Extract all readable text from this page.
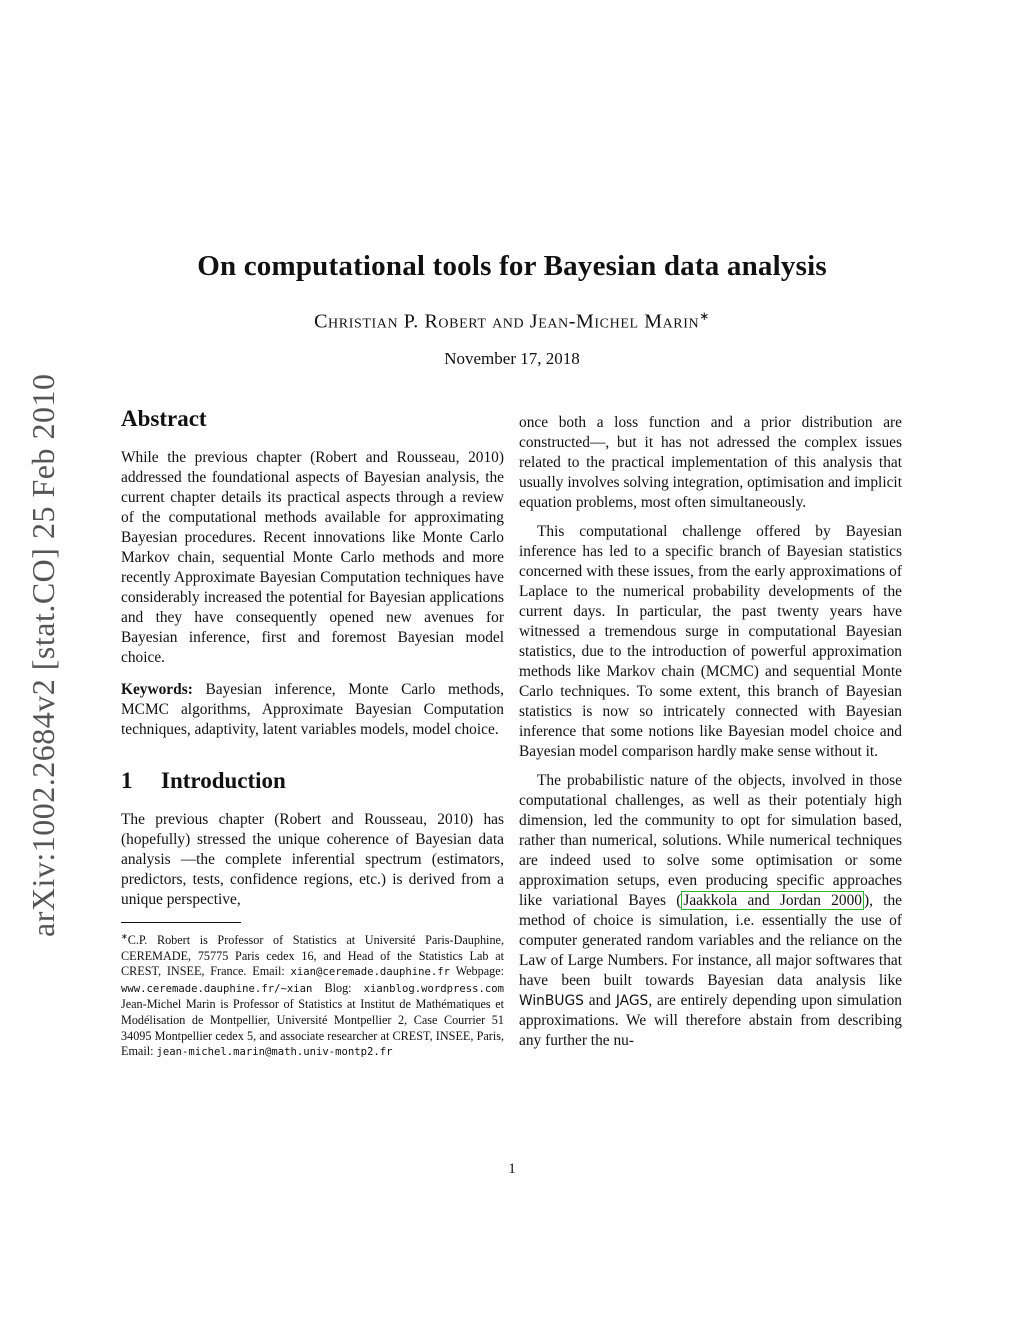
arXiv:1002.2684v2 [stat.CO] 25 Feb 2010
On computational tools for Bayesian data analysis
Christian P. Robert and Jean-Michel Marin∗
November 17, 2018
Abstract

While the previous chapter (Robert and Rousseau, 2010) addressed the foundational aspects of Bayesian analysis, the current chapter details its practical aspects through a review of the computational methods available for approximating Bayesian procedures. Recent innovations like Monte Carlo Markov chain, sequential Monte Carlo methods and more recently Approximate Bayesian Computation techniques have considerably increased the potential for Bayesian applications and they have consequently opened new avenues for Bayesian inference, first and foremost Bayesian model choice.

Keywords: Bayesian inference, Monte Carlo methods, MCMC algorithms, Approximate Bayesian Computation techniques, adaptivity, latent variables models, model choice.

1 Introduction

The previous chapter (Robert and Rousseau, 2010) has (hopefully) stressed the unique coherence of Bayesian data analysis —the complete inferential spectrum (estimators, predictors, tests, confidence regions, etc.) is derived from a unique perspective,

∗C.P. Robert is Professor of Statistics at Université Paris-Dauphine, CEREMADE, 75775 Paris cedex 16, and Head of the Statistics Lab at CREST, INSEE, France. Email: xian@ceremade.dauphine.fr Webpage: www.ceremade.dauphine.fr/∼xian Blog: xianblog.wordpress.com Jean-Michel Marin is Professor of Statistics at Institut de Mathématiques et Modélisation de Montpellier, Université Montpellier 2, Case Courrier 51 34095 Montpellier cedex 5, and associate researcher at CREST, INSEE, Paris, Email: jean-michel.marin@math.univ-montp2.fr

once both a loss function and a prior distribution are constructed—, but it has not adressed the complex issues related to the practical implementation of this analysis that usually involves solving integration, optimisation and implicit equation problems, most often simultaneously.

This computational challenge offered by Bayesian inference has led to a specific branch of Bayesian statistics concerned with these issues, from the early approximations of Laplace to the numerical probability developments of the current days. In particular, the past twenty years have witnessed a tremendous surge in computational Bayesian statistics, due to the introduction of powerful approximation methods like Markov chain (MCMC) and sequential Monte Carlo techniques. To some extent, this branch of Bayesian statistics is now so intricately connected with Bayesian inference that some notions like Bayesian model choice and Bayesian model comparison hardly make sense without it.

The probabilistic nature of the objects, involved in those computational challenges, as well as their potentialy high dimension, led the community to opt for simulation based, rather than numerical, solutions. While numerical techniques are indeed used to solve some optimisation or some approximation setups, even producing specific approaches like variational Bayes ( Jaakkola and Jordan 2000 ), the method of choice is simulation, i.e. essentially the use of computer generated random variables and the reliance on the Law of Large Numbers. For instance, all major softwares that have been built towards Bayesian data analysis like WinBUGS and JAGS, are entirely depending upon simulation approximations. We will therefore abstain from describing any further the nu-

1
